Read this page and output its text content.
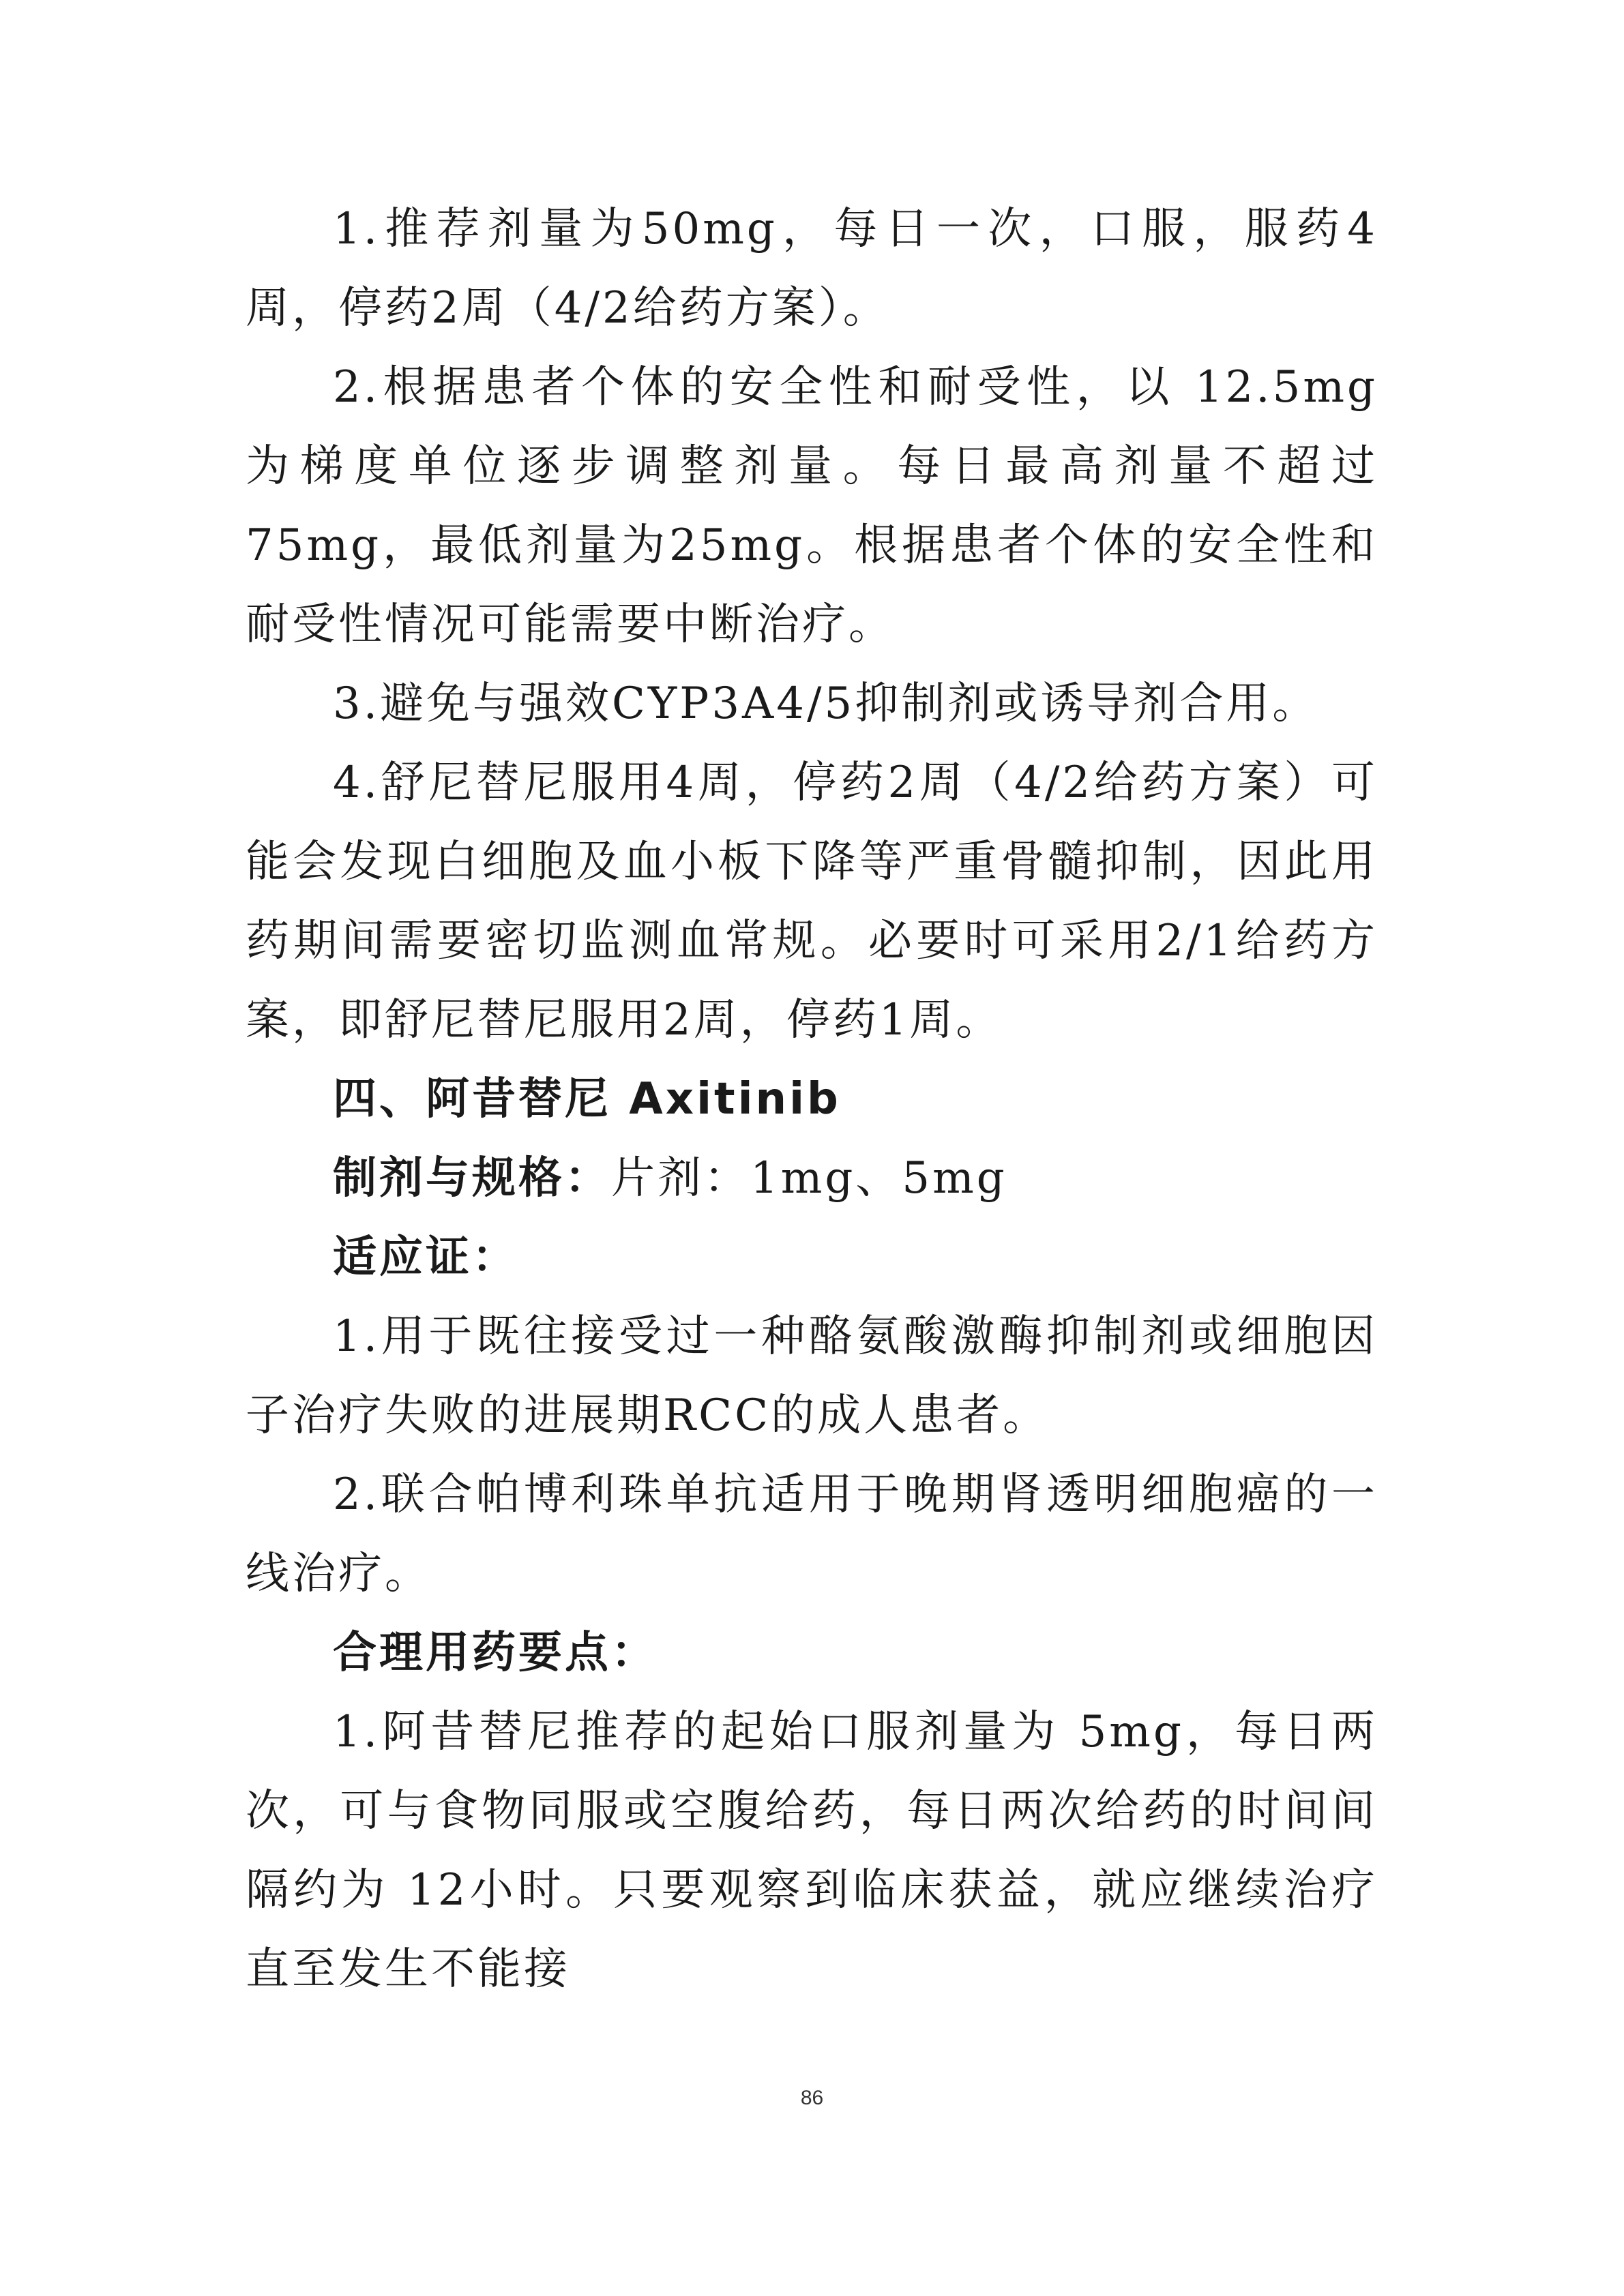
1.推荐剂量为50mg，每日一次，口服，服药4周，停药2周（4/2给药方案）。

2.根据患者个体的安全性和耐受性，以 12.5mg 为梯度单位逐步调整剂量。每日最高剂量不超过75mg，最低剂量为25mg。根据患者个体的安全性和耐受性情况可能需要中断治疗。

3.避免与强效CYP3A4/5抑制剂或诱导剂合用。

4.舒尼替尼服用4周，停药2周（4/2给药方案）可能会发现白细胞及血小板下降等严重骨髓抑制，因此用药期间需要密切监测血常规。必要时可采用2/1给药方案，即舒尼替尼服用2周，停药1周。

四、阿昔替尼 Axitinib

制剂与规格：片剂：1mg、5mg

适应证：

1.用于既往接受过一种酪氨酸激酶抑制剂或细胞因子治疗失败的进展期RCC的成人患者。

2.联合帕博利珠单抗适用于晚期肾透明细胞癌的一线治疗。

合理用药要点：

1.阿昔替尼推荐的起始口服剂量为 5mg，每日两次，可与食物同服或空腹给药，每日两次给药的时间间隔约为 12小时。只要观察到临床获益，就应继续治疗直至发生不能接

86
